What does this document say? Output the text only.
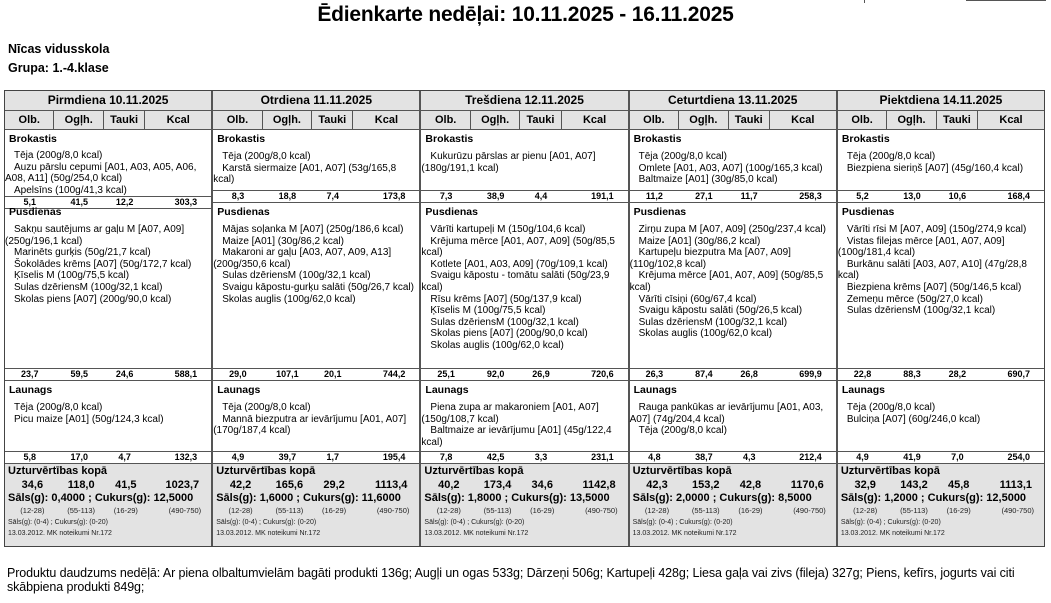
Ēdienkarte nedēļai: 10.11.2025 - 16.11.2025
Nīcas vidusskola
Grupa: 1.-4.klase
Pirmdiena 10.11.2025
Olb.	Ogļh.	Tauki	Kcal
Brokastis
Tēja (200g/8,0 kcal)
Auzu pārslu cepumi [A01, A03, A05, A06, A08, A11] (50g/254,0 kcal)
Apelsīns (100g/41,3 kcal)
5,1	41,5	12,2	303,3
Pusdienas
Sakņu sautējums ar gaļu M [A07, A09] (250g/196,1 kcal)
Marinēts gurķis (50g/21,7 kcal)
Šokolādes krēms [A07] (50g/172,7 kcal)
Ķīselis M (100g/75,5 kcal)
Sulas dzēriensM (100g/32,1 kcal)
Skolas piens [A07] (200g/90,0 kcal)
23,7	59,5	24,6	588,1
Launags
Tēja (200g/8,0 kcal)
Picu maize [A01] (50g/124,3 kcal)
5,8	17,0	4,7	132,3
Uzturvērtības kopā
34,6	118,0	41,5	1023,7
Sāls(g): 0,4000 ; Cukurs(g): 12,5000
(12-28)	(55-113)	(16-29)	(490-750)
Sāls(g): (0-4) ; Cukurs(g): (0-20)
13.03.2012. MK noteikumi Nr.172
Otrdiena 11.11.2025
Olb.	Ogļh.	Tauki	Kcal
Brokastis
Tēja (200g/8,0 kcal)
Karstā siermaize [A01, A07] (53g/165,8 kcal)
8,3	18,8	7,4	173,8
Pusdienas
Mājas soļanka M [A07] (250g/186,6 kcal)
Maize [A01] (30g/86,2 kcal)
Makaroni ar gaļu [A03, A07, A09, A13] (200g/350,6 kcal)
Sulas dzēriensM (100g/32,1 kcal)
Svaigu kāpostu-gurķu salāti (50g/26,7 kcal)
Skolas auglis (100g/62,0 kcal)
29,0	107,1	20,1	744,2
Launags
Tēja (200g/8,0 kcal)
Mannā biezputra ar ievārījumu [A01, A07] (170g/187,4 kcal)
4,9	39,7	1,7	195,4
Uzturvērtības kopā
42,2	165,6	29,2	1113,4
Sāls(g): 1,6000 ; Cukurs(g): 11,6000
(12-28)	(55-113)	(16-29)	(490-750)
Sāls(g): (0-4) ; Cukurs(g): (0-20)
13.03.2012. MK noteikumi Nr.172
Trešdiena 12.11.2025
Olb.	Ogļh.	Tauki	Kcal
Brokastis
Kukurūzu pārslas ar pienu [A01, A07] (180g/191,1 kcal)
7,3	38,9	4,4	191,1
Pusdienas
Vārīti kartupeļi M (150g/104,6 kcal)
Krējuma mērce [A01, A07, A09] (50g/85,5 kcal)
Kotlete [A01, A03, A09] (70g/109,1 kcal)
Svaigu kāpostu - tomātu salāti (50g/23,9 kcal)
Rīsu krēms [A07] (50g/137,9 kcal)
Ķīselis M (100g/75,5 kcal)
Sulas dzēriensM (100g/32,1 kcal)
Skolas piens [A07] (200g/90,0 kcal)
Skolas auglis (100g/62,0 kcal)
25,1	92,0	26,9	720,6
Launags
Piena zupa ar makaroniem [A01, A07] (150g/108,7 kcal)
Baltmaize ar ievārījumu [A01] (45g/122,4 kcal)
7,8	42,5	3,3	231,1
Uzturvērtības kopā
40,2	173,4	34,6	1142,8
Sāls(g): 1,8000 ; Cukurs(g): 13,5000
(12-28)	(55-113)	(16-29)	(490-750)
Sāls(g): (0-4) ; Cukurs(g): (0-20)
13.03.2012. MK noteikumi Nr.172
Ceturtdiena 13.11.2025
Olb.	Ogļh.	Tauki	Kcal
Brokastis
Tēja (200g/8,0 kcal)
Omlete [A01, A03, A07] (100g/165,3 kcal)
Baltmaize [A01] (30g/85,0 kcal)
11,2	27,1	11,7	258,3
Pusdienas
Zirņu zupa M [A07, A09] (250g/237,4 kcal)
Maize [A01] (30g/86,2 kcal)
Kartupeļu biezputra Ma [A07, A09] (110g/102,8 kcal)
Krējuma mērce [A01, A07, A09] (50g/85,5 kcal)
Vārīti cīsiņi (60g/67,4 kcal)
Svaigu kāpostu salāti (50g/26,5 kcal)
Sulas dzēriensM (100g/32,1 kcal)
Skolas auglis (100g/62,0 kcal)
26,3	87,4	26,8	699,9
Launags
Rauga pankūkas ar ievārījumu [A01, A03, A07] (74g/204,4 kcal)
Tēja (200g/8,0 kcal)
4,8	38,7	4,3	212,4
Uzturvērtības kopā
42,3	153,2	42,8	1170,6
Sāls(g): 2,0000 ; Cukurs(g): 8,5000
(12-28)	(55-113)	(16-29)	(490-750)
Sāls(g): (0-4) ; Cukurs(g): (0-20)
13.03.2012. MK noteikumi Nr.172
Piektdiena 14.11.2025
Olb.	Ogļh.	Tauki	Kcal
Brokastis
Tēja (200g/8,0 kcal)
Biezpiena sieriņš [A07] (45g/160,4 kcal)
5,2	13,0	10,6	168,4
Pusdienas
Vārīti rīsi M [A07, A09] (150g/274,9 kcal)
Vistas filejas mērce [A01, A07, A09] (100g/181,4 kcal)
Burkānu salāti [A03, A07, A10] (47g/28,8 kcal)
Biezpiena krēms [A07] (50g/146,5 kcal)
Zemeņu mērce (50g/27,0 kcal)
Sulas dzēriensM (100g/32,1 kcal)
22,8	88,3	28,2	690,7
Launags
Tēja (200g/8,0 kcal)
Bulciņa [A07] (60g/246,0 kcal)
4,9	41,9	7,0	254,0
Uzturvērtības kopā
32,9	143,2	45,8	1113,1
Sāls(g): 1,2000 ; Cukurs(g): 12,5000
(12-28)	(55-113)	(16-29)	(490-750)
Sāls(g): (0-4) ; Cukurs(g): (0-20)
13.03.2012. MK noteikumi Nr.172
Produktu daudzums nedēļā: Ar piena olbaltumvielām bagāti produkti 136g; Augļi un ogas 533g; Dārzeņi 506g; Kartupeļi 428g; Liesa gaļa vai zivs (fileja) 327g; Piens, kefīrs, jogurts vai citi skābpiena produkti 849g;
